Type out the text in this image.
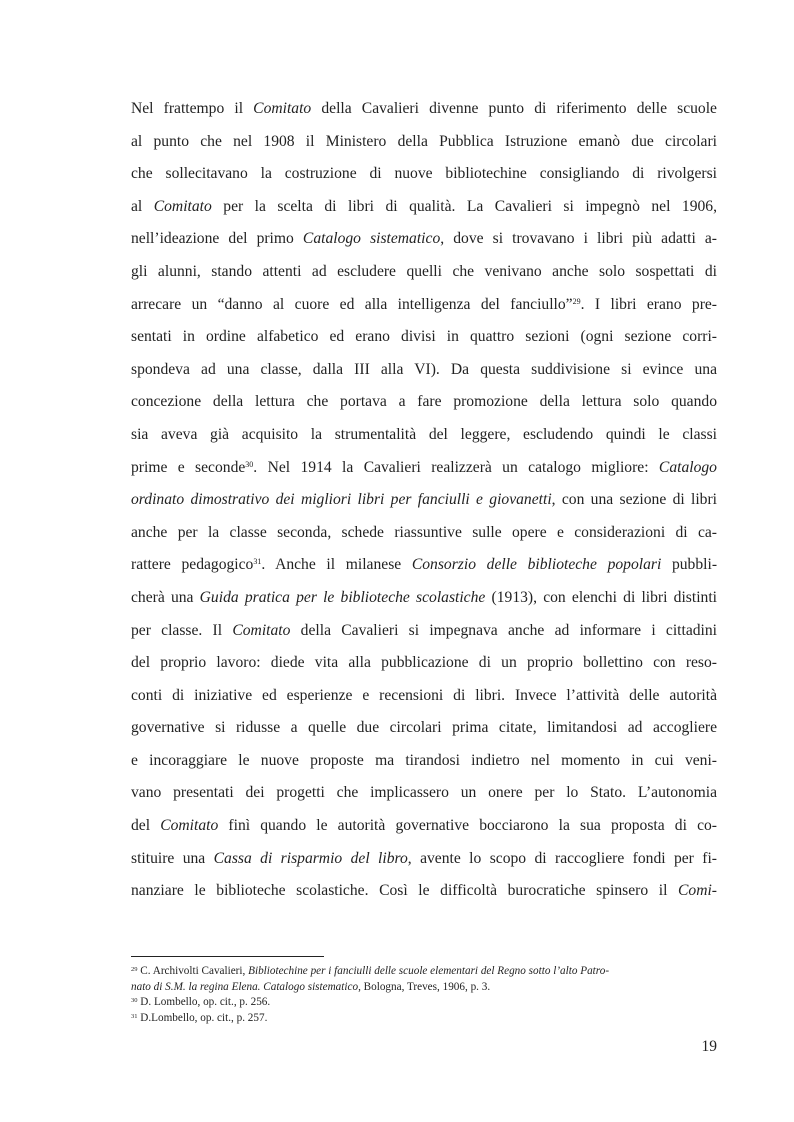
Nel frattempo il Comitato della Cavalieri divenne punto di riferimento delle scuole
al punto che nel 1908 il Ministero della Pubblica Istruzione emanò due circolari
che sollecitavano la costruzione di nuove bibliotechine consigliando di rivolgersi
al Comitato per la scelta di libri di qualità. La Cavalieri si impegnò nel 1906,
nell’ideazione del primo Catalogo sistematico, dove si trovavano i libri più adatti a-
gli alunni, stando attenti ad escludere quelli che venivano anche solo sospettati di
arrecare un “danno al cuore ed alla intelligenza del fanciullo”$^{29}$. I libri erano pre-
sentati in ordine alfabetico ed erano divisi in quattro sezioni (ogni sezione corri-
spondeva ad una classe, dalla III alla VI). Da questa suddivisione si evince una
concezione della lettura che portava a fare promozione della lettura solo quando
sia aveva già acquisito la strumentalità del leggere, escludendo quindi le classi
prime e seconde$^{30}$. Nel 1914 la Cavalieri realizzerà un catalogo migliore: Catalogo
ordinato dimostrativo dei migliori libri per fanciulli e giovanetti, con una sezione di libri
anche per la classe seconda, schede riassuntive sulle opere e considerazioni di ca-
rattere pedagogico$^{31}$. Anche il milanese Consorzio delle biblioteche popolari pubbli-
cherà una Guida pratica per le biblioteche scolastiche (1913), con elenchi di libri distinti
per classe. Il Comitato della Cavalieri si impegnava anche ad informare i cittadini
del proprio lavoro: diede vita alla pubblicazione di un proprio bollettino con reso-
conti di iniziative ed esperienze e recensioni di libri. Invece l’attività delle autorità
governative si ridusse a quelle due circolari prima citate, limitandosi ad accogliere
e incoraggiare le nuove proposte ma tirandosi indietro nel momento in cui veni-
vano presentati dei progetti che implicassero un onere per lo Stato. L’autonomia
del Comitato finì quando le autorità governative bocciarono la sua proposta di co-
stituire una Cassa di risparmio del libro, avente lo scopo di raccogliere fondi per fi-
nanziare le biblioteche scolastiche. Così le difficoltà burocratiche spinsero il Comi-
$^{29}$ C. Archivolti Cavalieri, Bibliotechine per i fanciulli delle scuole elementari del Regno sotto l’alto Patro-
nato di S.M. la regina Elena. Catalogo sistematico, Bologna, Treves, 1906, p. 3.
$^{30}$ D. Lombello, op. cit., p. 256.
$^{31}$ D.Lombello, op. cit., p. 257.
19
